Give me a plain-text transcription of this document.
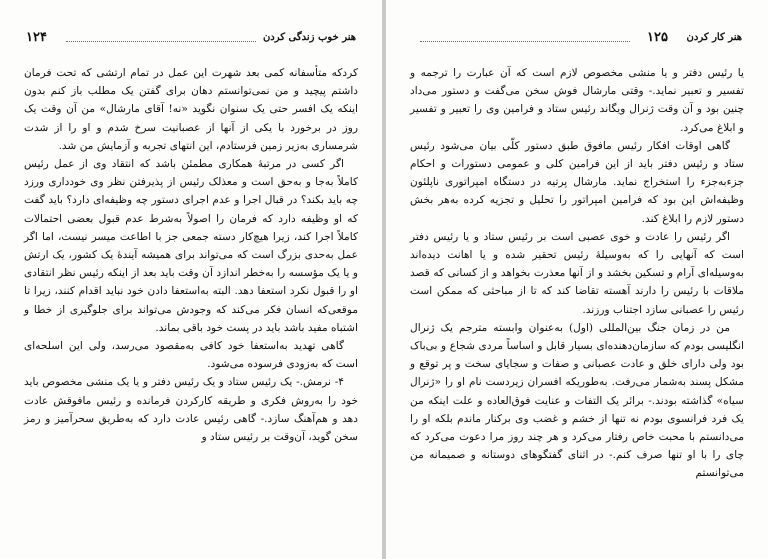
هنر خوب زندگی کردن
۱۲۴

کردکه متأسفانه کمی بعد شهرت این عمل در تمام ارتشی که تحت فرمان داشتم پیچید و من نمی‌توانستم دهان برای گفتن یک مطلب باز کنم بدون اینکه یک افسر حتی یک سنوان نگوید «نه! آقای مارشال» من آن وقت یک روز در برخورد با یکی از آنها از عصبانیت سرخ شدم و او را از شدت شرمساری به‌زیر زمین فرستادم، این انتهای تجربه و آزمایش من شد.

اگر کسی در مرتبهٔ همکاری مطمئن باشد که انتقاد وی از عمل رئیس کاملاً به‌جا و به‌حق است و معذلک رئیس از پذیرفتن نظر وی خودداری ورزد چه باید بکند؟ در قبال اجرا و عدم اجرای دستور چه وظیفه‌ای دارد؟ باید گفت که او وظیفه دارد که فرمان را اصولاً به‌شرط عدم قبول بعضی احتمالات کاملاً اجرا کند، زیرا هیچ‌کار دسته جمعی جز با اطاعت میسر نیست، اما اگر عمل به‌حدی بزرگ است که می‌تواند برای همیشه آیندهٔ یک کشور، یک ارتش و یا یک مؤسسه را به‌خطر اندازد آن وقت باید بعد از اینکه رئیس نظر انتقادی او را قبول نکرد استعفا دهد. البته به‌استعفا دادن خود نباید اقدام کنند، زیرا تا موقعی‌که انسان فکر می‌کند که وجودش می‌تواند برای جلوگیری از خطا و اشتباه مفید باشد باید در پست خود باقی بماند.

گاهی تهدید به‌استعفا خود کافی به‌مقصود می‌رسد، ولی این اسلحه‌ای است که به‌زودی فرسوده می‌شود.

۴- نرمش.- یک رئیس ستاد و یک رئیس دفتر و یا یک منشی مخصوص باید خود را به‌روش فکری و طریقه کارکردن فرمانده و رئیس مافوقش عادت دهد و هم‌آهنگ سازد.- گاهی رئیس عادت دارد که به‌طریق سحرآمیز و رمز سخن گوید، آن‌وقت بر رئیس ستاد و

هنر کار کردن
۱۲۵

یا رئیس دفتر و یا منشی مخصوص لازم است که آن عبارت را ترجمه و تفسیر و تعبیر نماید.- وقتی مارشال فوش سخن می‌گفت و دستور می‌داد چنین بود و آن وقت ژنرال ویگاند رئیس ستاد و فرامین وی را تعبیر و تفسیر و ابلاغ می‌کرد.

گاهی اوقات افکار رئیس مافوق طبق دستور کلّی بیان می‌شود رئیس ستاد و رئیس دفتر باید از این فرامین کلی و عمومی دستورات و احکام جزء‌به‌جزء را استخراج نماید. مارشال پرتیه در دستگاه امپراتوری ناپلئون وظیفه‌اش این بود که فرامین امپراتور را تحلیل و تجزیه کرده به‌هر بخش دستور لازم را ابلاغ کند.

اگر رئیس را عادت و خوی عصبی است بر رئیس ستاد و یا رئیس دفتر است که آنهایی را که به‌وسیلهٔ رئیس تحقیر شده و یا اهانت دیده‌اند به‌وسیله‌ای آرام و تسکین بخشد و از آنها معذرت بخواهد و از کسانی که قصد ملاقات با رئیس را دارند آهسته تقاضا کند که تا از مباحثی که ممکن است رئیس را عصبانی سازد اجتناب ورزند.

من در زمان جنگ بین‌المللی (اول) به‌عنوان وابسته مترجم یک ژنرال انگلیسی بودم که سازمان‌دهنده‌ای بسیار قابل و اساساً مردی شجاع و بی‌باک بود ولی دارای خلق و عادت عصبانی و صفات و سجایای سخت و پر توقع و مشکل پسند به‌شمار می‌رفت. به‌طوریکه افسران زیردست نام او را «ژنرال سیاه» گذاشته بودند.- برائر یک التفات و عنایت فوق‌العاده و علت اینکه من یک فرد فرانسوی بودم نه تنها از خشم و غضب وی برکنار ماندم بلکه او را می‌دانستم با محبت خاص رفتار می‌کرد و هر چند روز مرا دعوت می‌کرد که چای را با او تنها صرف کنم.- در اثنای گفتگوهای دوستانه و صمیمانه من می‌توانستم
